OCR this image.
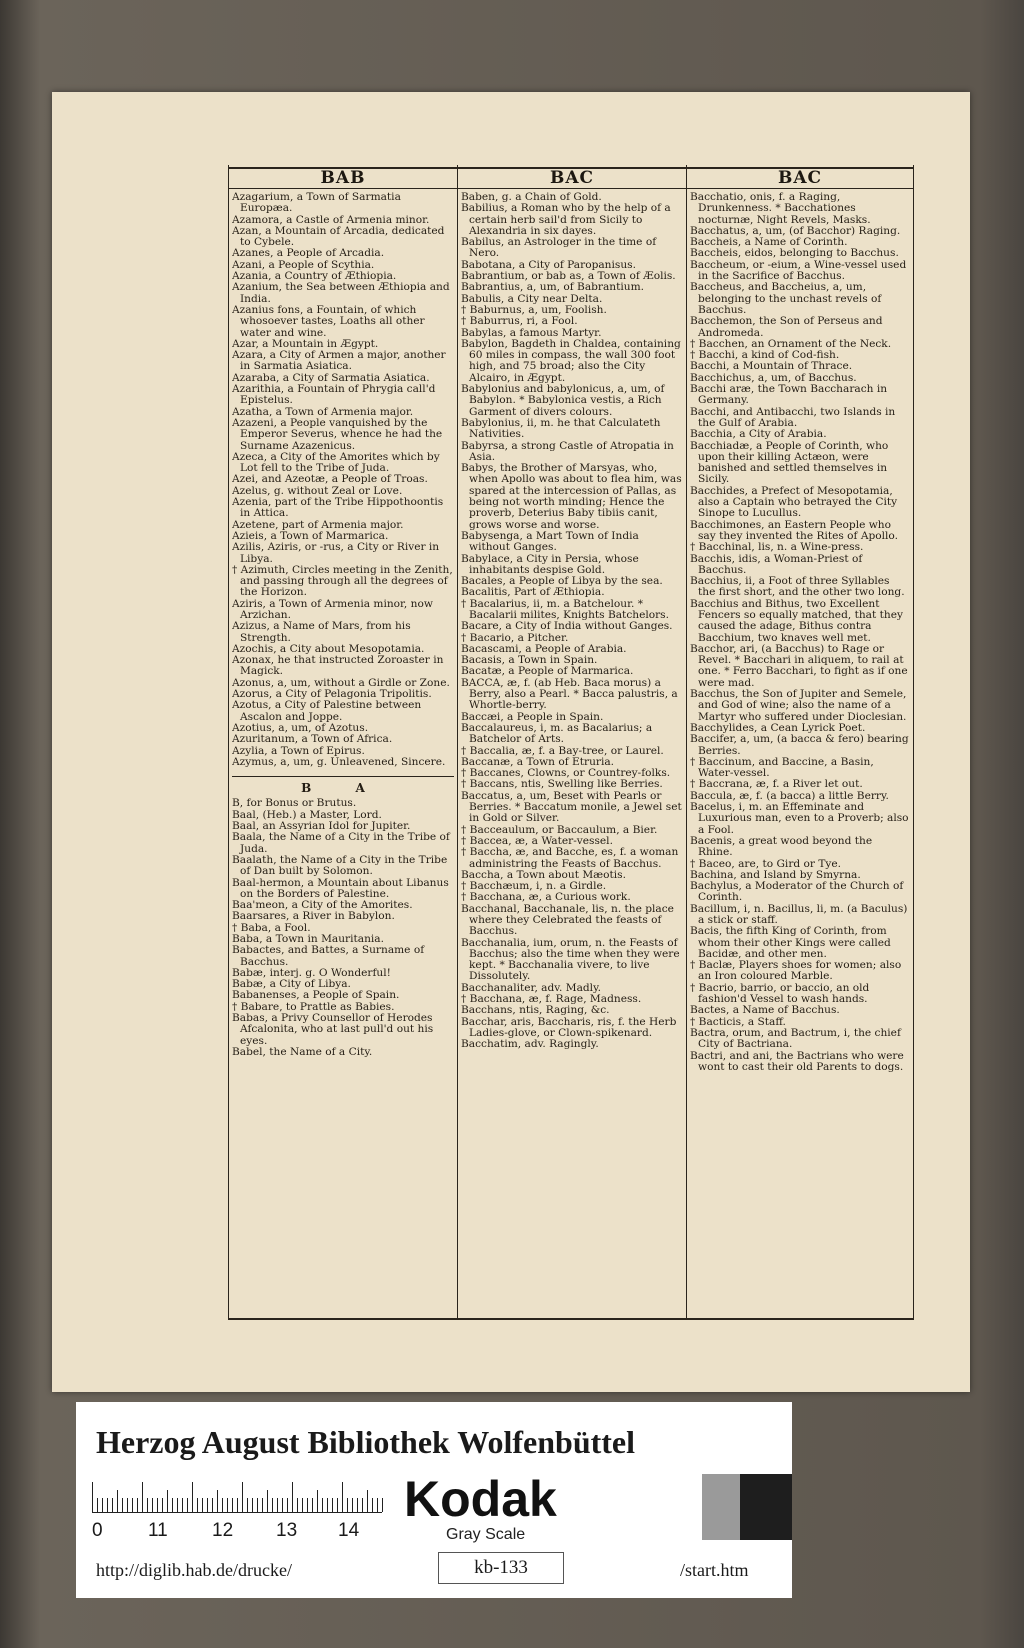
BAB	BAC	BAC

Azagarium, a Town of Sarmatia Europæa.

Azamora, a Castle of Armenia minor.

Azan, a Mountain of Arcadia, dedicated to Cybele.

Azanes, a People of Arcadia.

Azani, a People of Scythia.

Azania, a Country of Æthiopia.

Azanium, the Sea between Æthiopia and India.

Azanius fons, a Fountain, of which whosoever tastes, Loaths all other water and wine.

Azar, a Mountain in Ægypt.

Azara, a City of Armen a major, another in Sarmatia Asiatica.

Azaraba, a City of Sarmatia Asiatica.

Azarithia, a Fountain of Phrygia call'd Epistelus.

Azatha, a Town of Armenia major.

Azazeni, a People vanquished by the Emperor Severus, whence he had the Surname Azazenicus.

Azeca, a City of the Amorites which by Lot fell to the Tribe of Juda.

Azei, and Azeotæ, a People of Troas.

Azelus, g. without Zeal or Love.

Azenia, part of the Tribe Hippothoontis in Attica.

Azetene, part of Armenia major.

Azieis, a Town of Marmarica.

Azilis, Aziris, or -rus, a City or River in Libya.

† Azimuth, Circles meeting in the Zenith, and passing through all the degrees of the Horizon.

Aziris, a Town of Armenia minor, now Arzichan.

Azizus, a Name of Mars, from his Strength.

Azochis, a City about Mesopotamia.

Azonax, he that instructed Zoroaster in Magick.

Azonus, a, um, without a Girdle or Zone.

Azorus, a City of Pelagonia Tripolitis.

Azotus, a City of Palestine between Ascalon and Joppe.

Azotius, a, um, of Azotus.

Azuritanum, a Town of Africa.

Azylia, a Town of Epirus.

Azymus, a, um, g. Unleavened, Sincere.

B A

B, for Bonus or Brutus.

Baal, (Heb.) a Master, Lord.

Baal, an Assyrian Idol for Jupiter.

Baala, the Name of a City in the Tribe of Juda.

Baalath, the Name of a City in the Tribe of Dan built by Solomon.

Baal-hermon, a Mountain about Libanus on the Borders of Palestine.

Baa'meon, a City of the Amorites.

Baarsares, a River in Babylon.

† Baba, a Fool.

Baba, a Town in Mauritania.

Babactes, and Battes, a Surname of Bacchus.

Babæ, interj. g. O Wonderful!

Babæ, a City of Libya.

Babanenses, a People of Spain.

† Babare, to Prattle as Babies.

Babas, a Privy Counsellor of Herodes Afcalonita, who at last pull'd out his eyes.

Babel, the Name of a City.

Baben, g. a Chain of Gold.

Babilius, a Roman who by the help of a certain herb sail'd from Sicily to Alexandria in six dayes.

Babilus, an Astrologer in the time of Nero.

Babotana, a City of Paropanisus.

Babrantium, or bab as, a Town of Æolis.

Babrantius, a, um, of Babrantium.

Babulis, a City near Delta.

† Baburnus, a, um, Foolish.

† Baburrus, ri, a Fool.

Babylas, a famous Martyr.

Babylon, Bagdeth in Chaldea, containing 60 miles in compass, the wall 300 foot high, and 75 broad; also the City Alcairo, in Ægypt.

Babylonius and babylonicus, a, um, of Babylon. * Babylonica vestis, a Rich Garment of divers colours.

Babylonius, ii, m. he that Calculateth Nativities.

Babyrsa, a strong Castle of Atropatia in Asia.

Babys, the Brother of Marsyas, who, when Apollo was about to flea him, was spared at the intercession of Pallas, as being not worth minding; Hence the proverb, Deterius Baby tibiis canit, grows worse and worse.

Babysenga, a Mart Town of India without Ganges.

Babylace, a City in Persia, whose inhabitants despise Gold.

Bacales, a People of Libya by the sea.

Bacalitis, Part of Æthiopia.

† Bacalarius, ii, m. a Batchelour. * Bacalarii milites, Knights Batchelors.

Bacare, a City of India without Ganges.

† Bacario, a Pitcher.

Bacascami, a People of Arabia.

Bacasis, a Town in Spain.

Bacatæ, a People of Marmarica.

BACCA, æ, f. (ab Heb. Baca morus) a Berry, also a Pearl. * Bacca palustris, a Whortle-berry.

Baccæi, a People in Spain.

Baccalaureus, i, m. as Bacalarius; a Batchelor of Arts.

† Baccalia, æ, f. a Bay-tree, or Laurel.

Baccanæ, a Town of Etruria.

† Baccanes, Clowns, or Countrey-folks.

† Baccans, ntis, Swelling like Berries.

Baccatus, a, um, Beset with Pearls or Berries. * Baccatum monile, a Jewel set in Gold or Silver.

† Bacceaulum, or Baccaulum, a Bier.

† Baccea, æ, a Water-vessel.

† Baccha, æ, and Bacche, es, f. a woman administring the Feasts of Bacchus.

Baccha, a Town about Mæotis.

† Bacchæum, i, n. a Girdle.

† Bacchana, æ, a Curious work.

Bacchanal, Bacchanale, lis, n. the place where they Celebrated the feasts of Bacchus.

Bacchanalia, ium, orum, n. the Feasts of Bacchus; also the time when they were kept. * Bacchanalia vivere, to live Dissolutely.

Bacchanaliter, adv. Madly.

† Bacchana, æ, f. Rage, Madness.

Bacchans, ntis, Raging, &c.

Bacchar, aris, Baccharis, ris, f. the Herb Ladies-glove, or Clown-spikenard.

Bacchatim, adv. Ragingly.

Bacchatio, onis, f. a Raging, Drunkenness. * Bacchationes nocturnæ, Night Revels, Masks.

Bacchatus, a, um, (of Bacchor) Raging.

Baccheis, a Name of Corinth.

Baccheis, eidos, belonging to Bacchus.

Baccheum, or -eium, a Wine-vessel used in the Sacrifice of Bacchus.

Baccheus, and Baccheius, a, um, belonging to the unchast revels of Bacchus.

Bacchemon, the Son of Perseus and Andromeda.

† Bacchen, an Ornament of the Neck.

† Bacchi, a kind of Cod-fish.

Bacchi, a Mountain of Thrace.

Bacchichus, a, um, of Bacchus.

Bacchi aræ, the Town Baccharach in Germany.

Bacchi, and Antibacchi, two Islands in the Gulf of Arabia.

Bacchia, a City of Arabia.

Bacchiadæ, a People of Corinth, who upon their killing Actæon, were banished and settled themselves in Sicily.

Bacchides, a Prefect of Mesopotamia, also a Captain who betrayed the City Sinope to Lucullus.

Bacchimones, an Eastern People who say they invented the Rites of Apollo.

† Bacchinal, lis, n. a Wine-press.

Bacchis, idis, a Woman-Priest of Bacchus.

Bacchius, ii, a Foot of three Syllables the first short, and the other two long.

Bacchius and Bithus, two Excellent Fencers so equally matched, that they caused the adage, Bithus contra Bacchium, two knaves well met.

Bacchor, ari, (a Bacchus) to Rage or Revel. * Bacchari in aliquem, to rail at one. * Ferro Bacchari, to fight as if one were mad.

Bacchus, the Son of Jupiter and Semele, and God of wine; also the name of a Martyr who suffered under Dioclesian.

Bacchylides, a Cean Lyrick Poet.

Baccifer, a, um, (a bacca & fero) bearing Berries.

† Baccinum, and Baccine, a Basin, Water-vessel.

† Baccrana, æ, f. a River let out.

Baccula, æ, f. (a bacca) a little Berry.

Bacelus, i, m. an Effeminate and Luxurious man, even to a Proverb; also a Fool.

Bacenis, a great wood beyond the Rhine.

† Baceo, are, to Gird or Tye.

Bachina, and Island by Smyrna.

Bachylus, a Moderator of the Church of Corinth.

Bacillum, i, n. Bacillus, li, m. (a Baculus) a stick or staff.

Bacis, the fifth King of Corinth, from whom their other Kings were called Bacidæ, and other men.

† Baclæ, Players shoes for women; also an Iron coloured Marble.

† Bacrio, barrio, or baccio, an old fashion'd Vessel to wash hands.

Bactes, a Name of Bacchus.

† Bacticis, a Staff.

Bactra, orum, and Bactrum, i, the chief City of Bactriana.

Bactri, and ani, the Bactrians who were wont to cast their old Parents to dogs.

Herzog August Bibliothek Wolfenbüttel
0 11 12 13 14
Kodak
Gray Scale
kb-133
http://diglib.hab.de/drucke/	/start.htm
